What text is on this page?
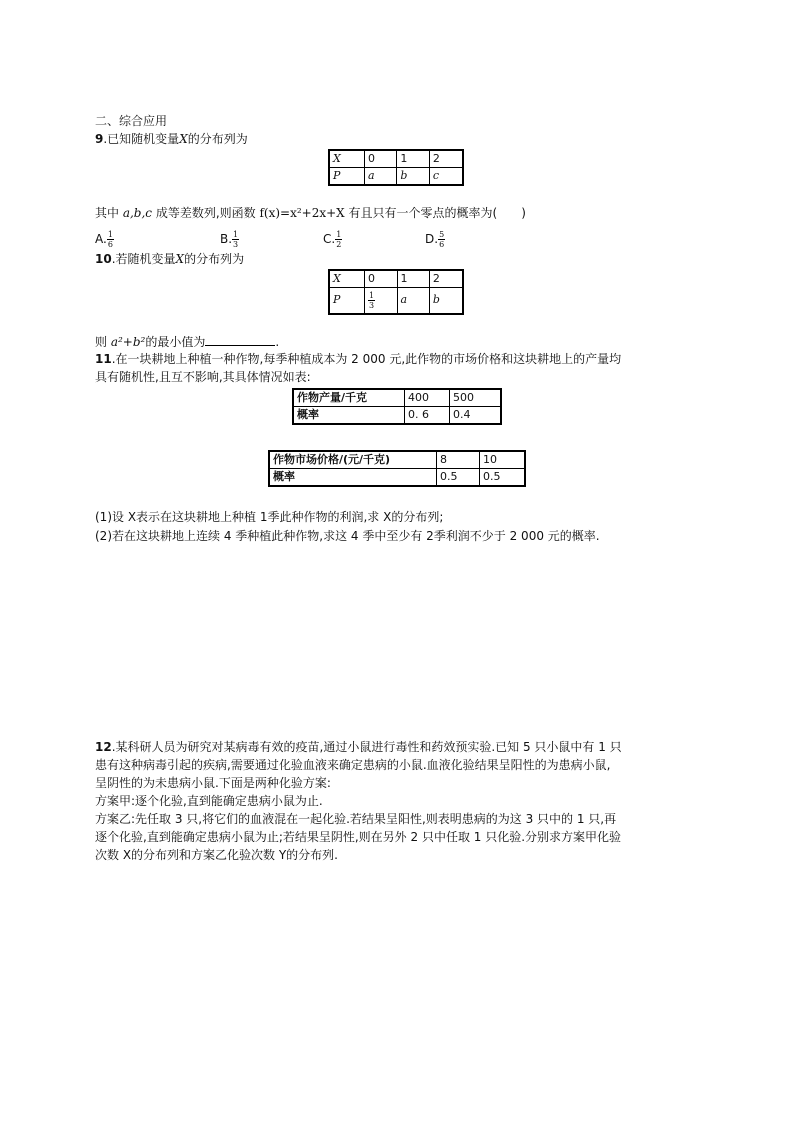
二、综合应用
9.已知随机变量X的分布列为
X	0	1	2
P	a	b	c
其中 a,b,c 成等差数列,则函数 f(x)=x²+2x+X 有且只有一个零点的概率为(　　)
A. $\frac{1}{6}$	B. $\frac{1}{3}$	C. $\frac{1}{2}$	D. $\frac{5}{6}$
10.若随机变量X的分布列为
X	0	1	2
P	$\frac{1}{3}$	a	b
则 a²+b²的最小值为	.
11.在一块耕地上种植一种作物,每季种植成本为 2 000 元,此作物的市场价格和这块耕地上的产量均
具有随机性,且互不影响,其具体情况如表:
作物产量/千克	400	500
概率	0. 6	0.4
作物市场价格/(元/千克)	8	10
概率	0.5	0.5
(1)设 X表示在这块耕地上种植 1季此种作物的利润,求 X的分布列;
(2)若在这块耕地上连续 4 季种植此种作物,求这 4 季中至少有 2季利润不少于 2 000 元的概率.
12.某科研人员为研究对某病毒有效的疫苗,通过小鼠进行毒性和药效预实验.已知 5 只小鼠中有 1 只
患有这种病毒引起的疾病,需要通过化验血液来确定患病的小鼠.血液化验结果呈阳性的为患病小鼠,
呈阴性的为未患病小鼠.下面是两种化验方案:
方案甲:逐个化验,直到能确定患病小鼠为止.
方案乙:先任取 3 只,将它们的血液混在一起化验.若结果呈阳性,则表明患病的为这 3 只中的 1 只,再
逐个化验,直到能确定患病小鼠为止;若结果呈阴性,则在另外 2 只中任取 1 只化验.分别求方案甲化验
次数 X的分布列和方案乙化验次数 Y的分布列.
